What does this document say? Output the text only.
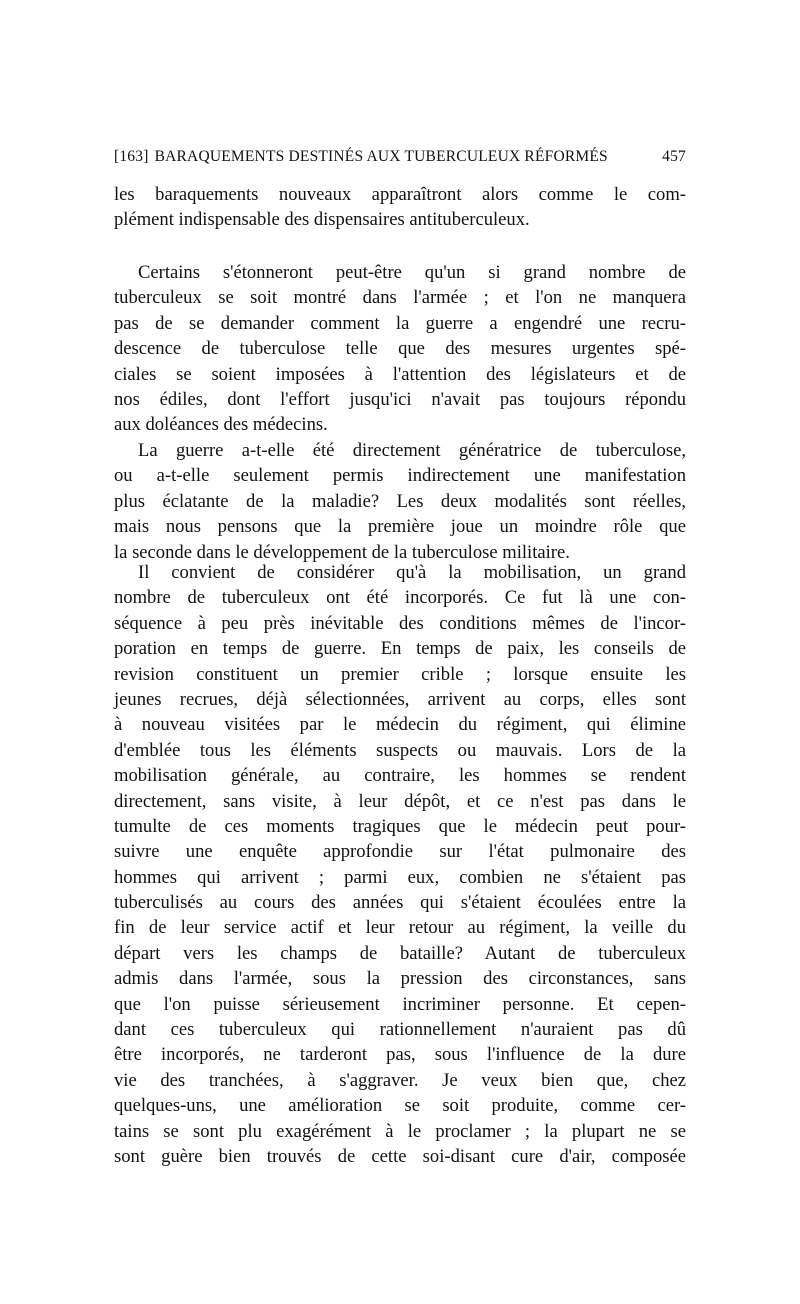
[163] BARAQUEMENTS DESTINÉS AUX TUBERCULEUX RÉFORMÉS	457
les baraquements nouveaux apparaîtront alors comme le com-
plément indispensable des dispensaires antituberculeux.
Certains s'étonneront peut-être qu'un si grand nombre de
tuberculeux se soit montré dans l'armée ; et l'on ne manquera
pas de se demander comment la guerre a engendré une recru-
descence de tuberculose telle que des mesures urgentes spé-
ciales se soient imposées à l'attention des législateurs et de
nos édiles, dont l'effort jusqu'ici n'avait pas toujours répondu
aux doléances des médecins.
La guerre a-t-elle été directement génératrice de tuberculose,
ou a-t-elle seulement permis indirectement une manifestation
plus éclatante de la maladie? Les deux modalités sont réelles,
mais nous pensons que la première joue un moindre rôle que
la seconde dans le développement de la tuberculose militaire.
Il convient de considérer qu'à la mobilisation, un grand
nombre de tuberculeux ont été incorporés. Ce fut là une con-
séquence à peu près inévitable des conditions mêmes de l'incor-
poration en temps de guerre. En temps de paix, les conseils de
revision constituent un premier crible ; lorsque ensuite les
jeunes recrues, déjà sélectionnées, arrivent au corps, elles sont
à nouveau visitées par le médecin du régiment, qui élimine
d'emblée tous les éléments suspects ou mauvais. Lors de la
mobilisation générale, au contraire, les hommes se rendent
directement, sans visite, à leur dépôt, et ce n'est pas dans le
tumulte de ces moments tragiques que le médecin peut pour-
suivre une enquête approfondie sur l'état pulmonaire des
hommes qui arrivent ; parmi eux, combien ne s'étaient pas
tuberculisés au cours des années qui s'étaient écoulées entre la
fin de leur service actif et leur retour au régiment, la veille du
départ vers les champs de bataille? Autant de tuberculeux
admis dans l'armée, sous la pression des circonstances, sans
que l'on puisse sérieusement incriminer personne. Et cepen-
dant ces tuberculeux qui rationnellement n'auraient pas dû
être incorporés, ne tarderont pas, sous l'influence de la dure
vie des tranchées, à s'aggraver. Je veux bien que, chez
quelques-uns, une amélioration se soit produite, comme cer-
tains se sont plu exagérément à le proclamer ; la plupart ne se
sont guère bien trouvés de cette soi-disant cure d'air, composée
